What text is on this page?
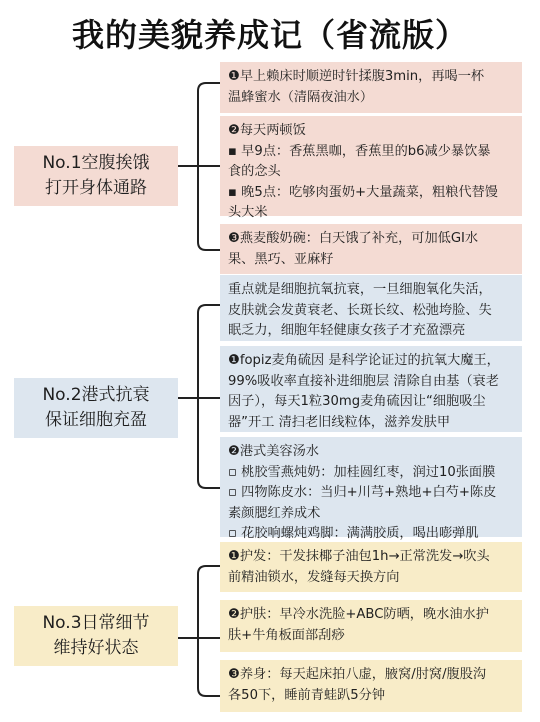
我的美貌养成记（省流版）
No.1空腹挨饿
打开身体通路

❶早上赖床时顺逆时针揉腹3min，再喝一杯

温蜂蜜水（清隔夜油水）

❷每天两顿饭

▪ 早9点：香蕉黑咖，香蕉里的b6减少暴饮暴

食的念头

▪ 晚5点：吃够肉蛋奶+大量蔬菜，粗粮代替馒

头大米

❸燕麦酸奶碗：白天饿了补充，可加低GI水

果、黑巧、亚麻籽

No.2港式抗衰
保证细胞充盈

重点就是细胞抗氧抗衰，一旦细胞氧化失活，

皮肤就会发黄衰老、长斑长纹、松弛垮脸、失

眠乏力，细胞年轻健康女孩子才充盈漂亮

❶fopiz麦角硫因 是科学论证过的抗氧大魔王，

99%吸收率直接补进细胞层 清除自由基（衰老

因子），每天1粒30mg麦角硫因让“细胞吸尘

器”开工 清扫老旧线粒体，滋养发肤甲

❷港式美容汤水

▫ 桃胶雪燕炖奶：加桂圆红枣，润过10张面膜

▫ 四物陈皮水：当归+川芎+熟地+白芍+陈皮

素颜腮红养成术

▫ 花胶响螺炖鸡脚：满满胶质，喝出嘭弹肌

No.3日常细节
维持好状态

❶护发：干发抹椰子油包1h→正常洗发→吹头

前精油锁水，发缝每天换方向

❷护肤：早冷水洗脸+ABC防晒，晚水油水护

肤+牛角板面部刮痧

❸养身：每天起床拍八虚，腋窝/肘窝/腹股沟

各50下，睡前青蛙趴5分钟
